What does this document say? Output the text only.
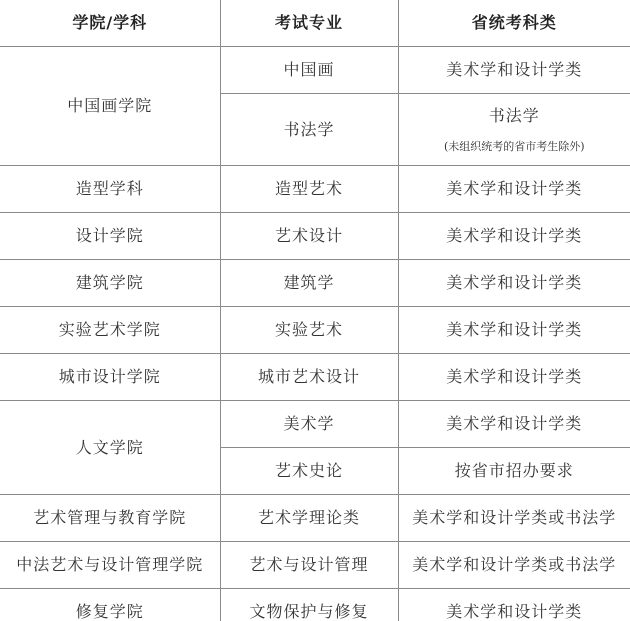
学院/学科	考试专业	省统考科类
中国画学院	中国画	美术学和设计学类
	书法学	书法学
(未组织统考的省市考生除外)

造型学科	造型艺术	美术学和设计学类
设计学院	艺术设计	美术学和设计学类
建筑学院	建筑学	美术学和设计学类
实验艺术学院	实验艺术	美术学和设计学类
城市设计学院	城市艺术设计	美术学和设计学类
人文学院	美术学	美术学和设计学类
	艺术史论	按省市招办要求
艺术管理与教育学院	艺术学理论类	美术学和设计学类或书法学
中法艺术与设计管理学院	艺术与设计管理	美术学和设计学类或书法学
修复学院	文物保护与修复	美术学和设计学类
